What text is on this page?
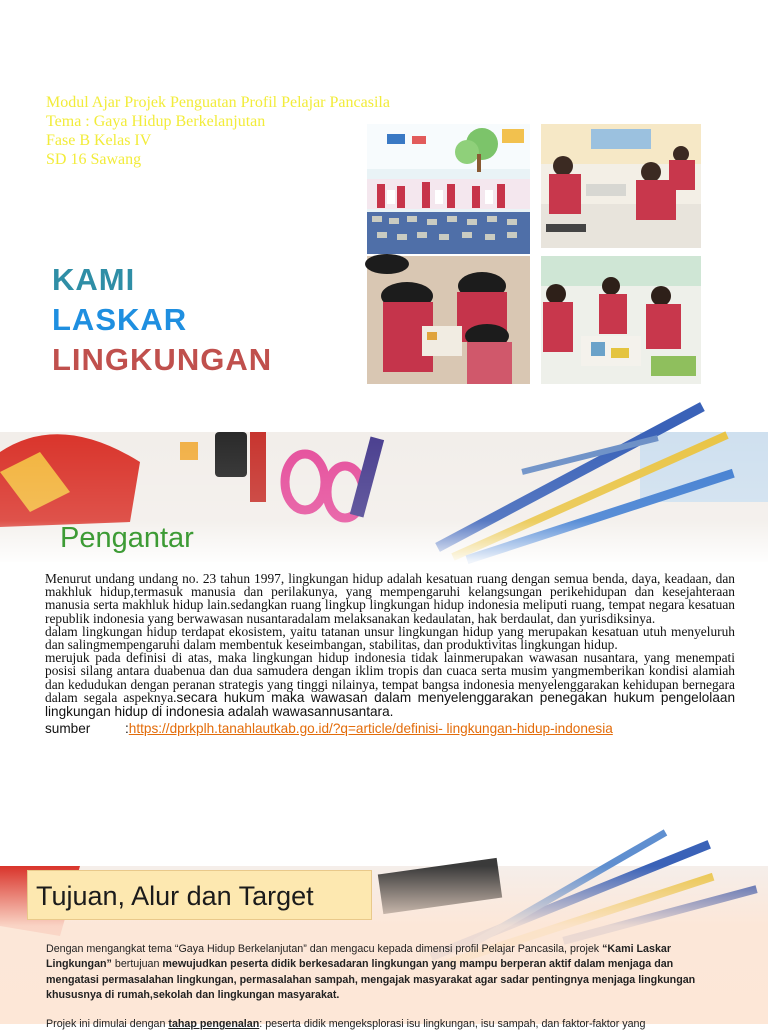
Modul Ajar Projek Penguatan Profil Pelajar Pancasila
Tema : Gaya Hidup Berkelanjutan
Fase B Kelas IV
SD 16 Sawang
KAMI
LASKAR
LINGKUNGAN
Pengantar

Menurut undang undang no. 23 tahun 1997, lingkungan hidup adalah kesatuan ruang dengan semua benda, daya, keadaan, dan makhluk hidup,termasuk manusia dan perilakunya, yang mempengaruhi kelangsungan perikehidupan dan kesejahteraan manusia serta makhluk hidup lain.sedangkan ruang lingkup lingkungan hidup indonesia meliputi ruang, tempat negara kesatuan republik indonesia yang berwawasan nusantaradalam melaksanakan kedaulatan, hak berdaulat, dan yurisdiksinya.

dalam lingkungan hidup terdapat ekosistem, yaitu tatanan unsur lingkungan hidup yang merupakan kesatuan utuh menyeluruh dan salingmempengaruhi dalam membentuk keseimbangan, stabilitas, dan produktivitas lingkungan hidup.

merujuk pada definisi di atas, maka lingkungan hidup indonesia tidak lainmerupakan wawasan nusantara, yang menempati posisi silang antara duabenua dan dua samudera dengan iklim tropis dan cuaca serta musim yangmemberikan kondisi alamiah dan kedudukan dengan peranan strategis yang tinggi nilainya, tempat bangsa indonesia menyelenggarakan kehidupan bernegara dalam segala aspeknya.secara hukum maka wawasan dalam menyelenggarakan penegakan hukum pengelolaan lingkungan hidup di indonesia adalah wawasannusantara.

sumber	:https://dprkplh.tanahlautkab.go.id/?q=article/definisi- lingkungan-hidup-indonesia
Tujuan, Alur dan Target

Dengan mengangkat tema “Gaya Hidup Berkelanjutan” dan mengacu kepada dimensi profil Pelajar Pancasila, projek “Kami Laskar Lingkungan” bertujuan mewujudkan peserta didik berkesadaran lingkungan yang mampu berperan aktif dalam menjaga dan mengatasi permasalahan lingkungan, permasalahan sampah, mengajak masyarakat agar sadar pentingnya menjaga lingkungan khususnya di rumah,sekolah dan lingkungan masyarakat.

Projek ini dimulai dengan tahap pengenalan: peserta didik mengeksplorasi isu lingkungan, isu sampah, dan faktor-faktor yang
